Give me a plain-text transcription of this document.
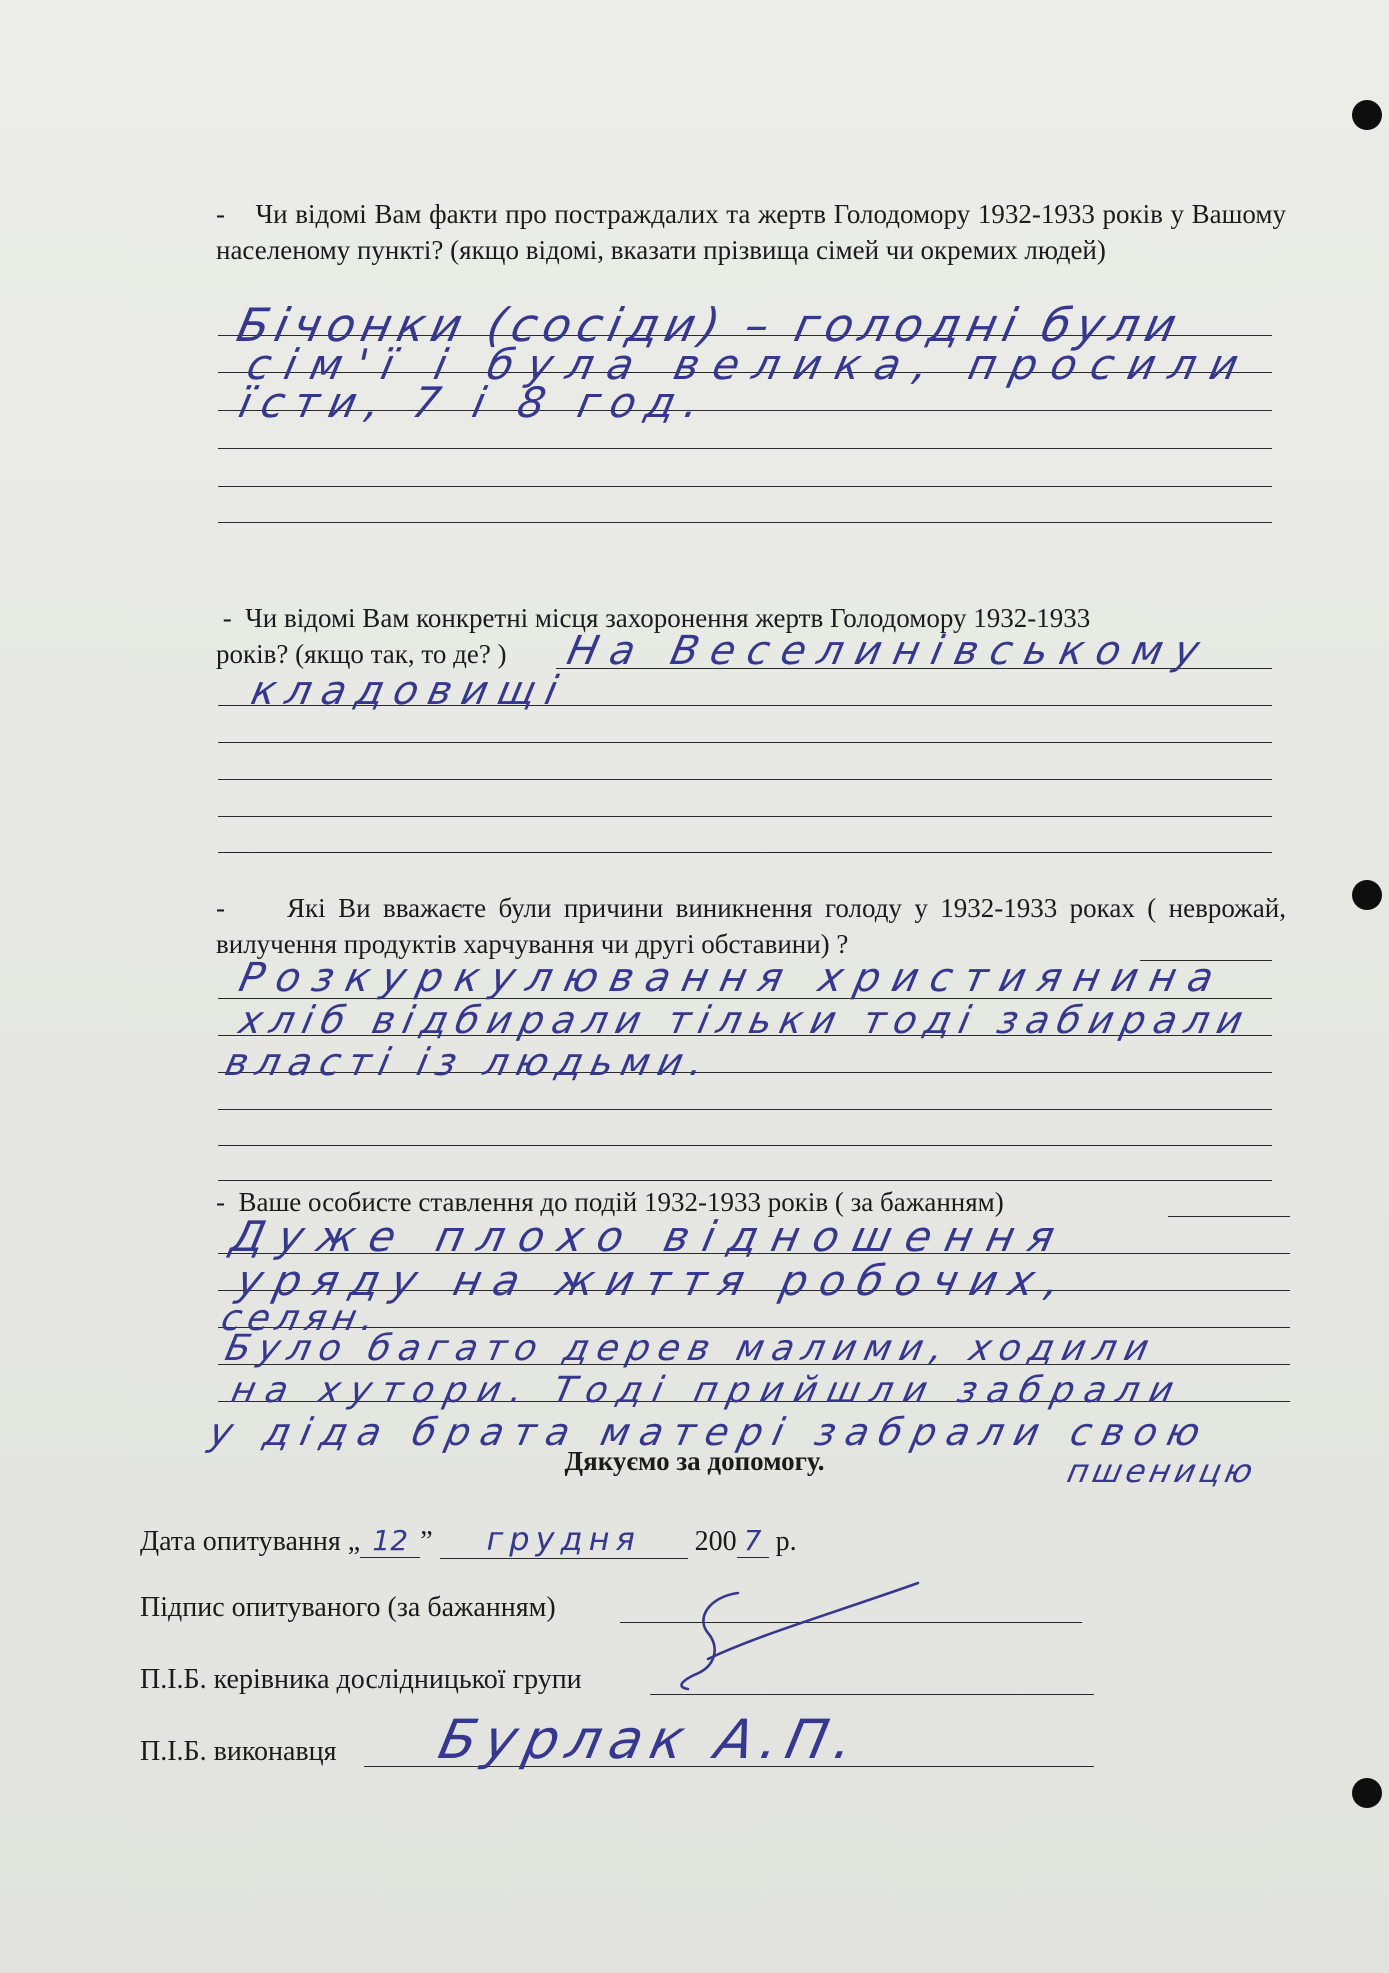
- Чи відомі Вам факти про постраждалих та жертв Голодомору 1932-1933 років у Вашому населеному пункті? (якщо відомі, вказати прізвища сімей чи окремих людей)
Бічонки (сосіди) – голодні були
сім'ї і була велика, просили
їсти, 7 і 8 год.
- Чи відомі Вам конкретні місця захоронення жертв Голодомору 1932-1933
років? (якщо так, то де? )	На Веселинівському
кладовищі
- Які Ви вважаєте були причини виникнення голоду у 1932-1933 роках ( неврожай, вилучення продуктів харчування чи другі обставини) ?
Розкуркулювання християнина
хліб відбирали тільки тоді забирали
власті із людьми.
- Ваше особисте ставлення до подій 1932-1933 років ( за бажанням)
Дуже плохо відношення
уряду на життя робочих,
селян.
Було багато дерев малими, ходили
на хутори. Тоді прийшли забрали
у діда брата матері забрали свою
пшеницю
Дякуємо за допомогу.
Дата опитування „ 12 ” грудня 200 7 р.
Підпис опитуваного (за бажанням)
П.І.Б. керівника дослідницької групи
П.І.Б. виконавця Бурлак А.П.
